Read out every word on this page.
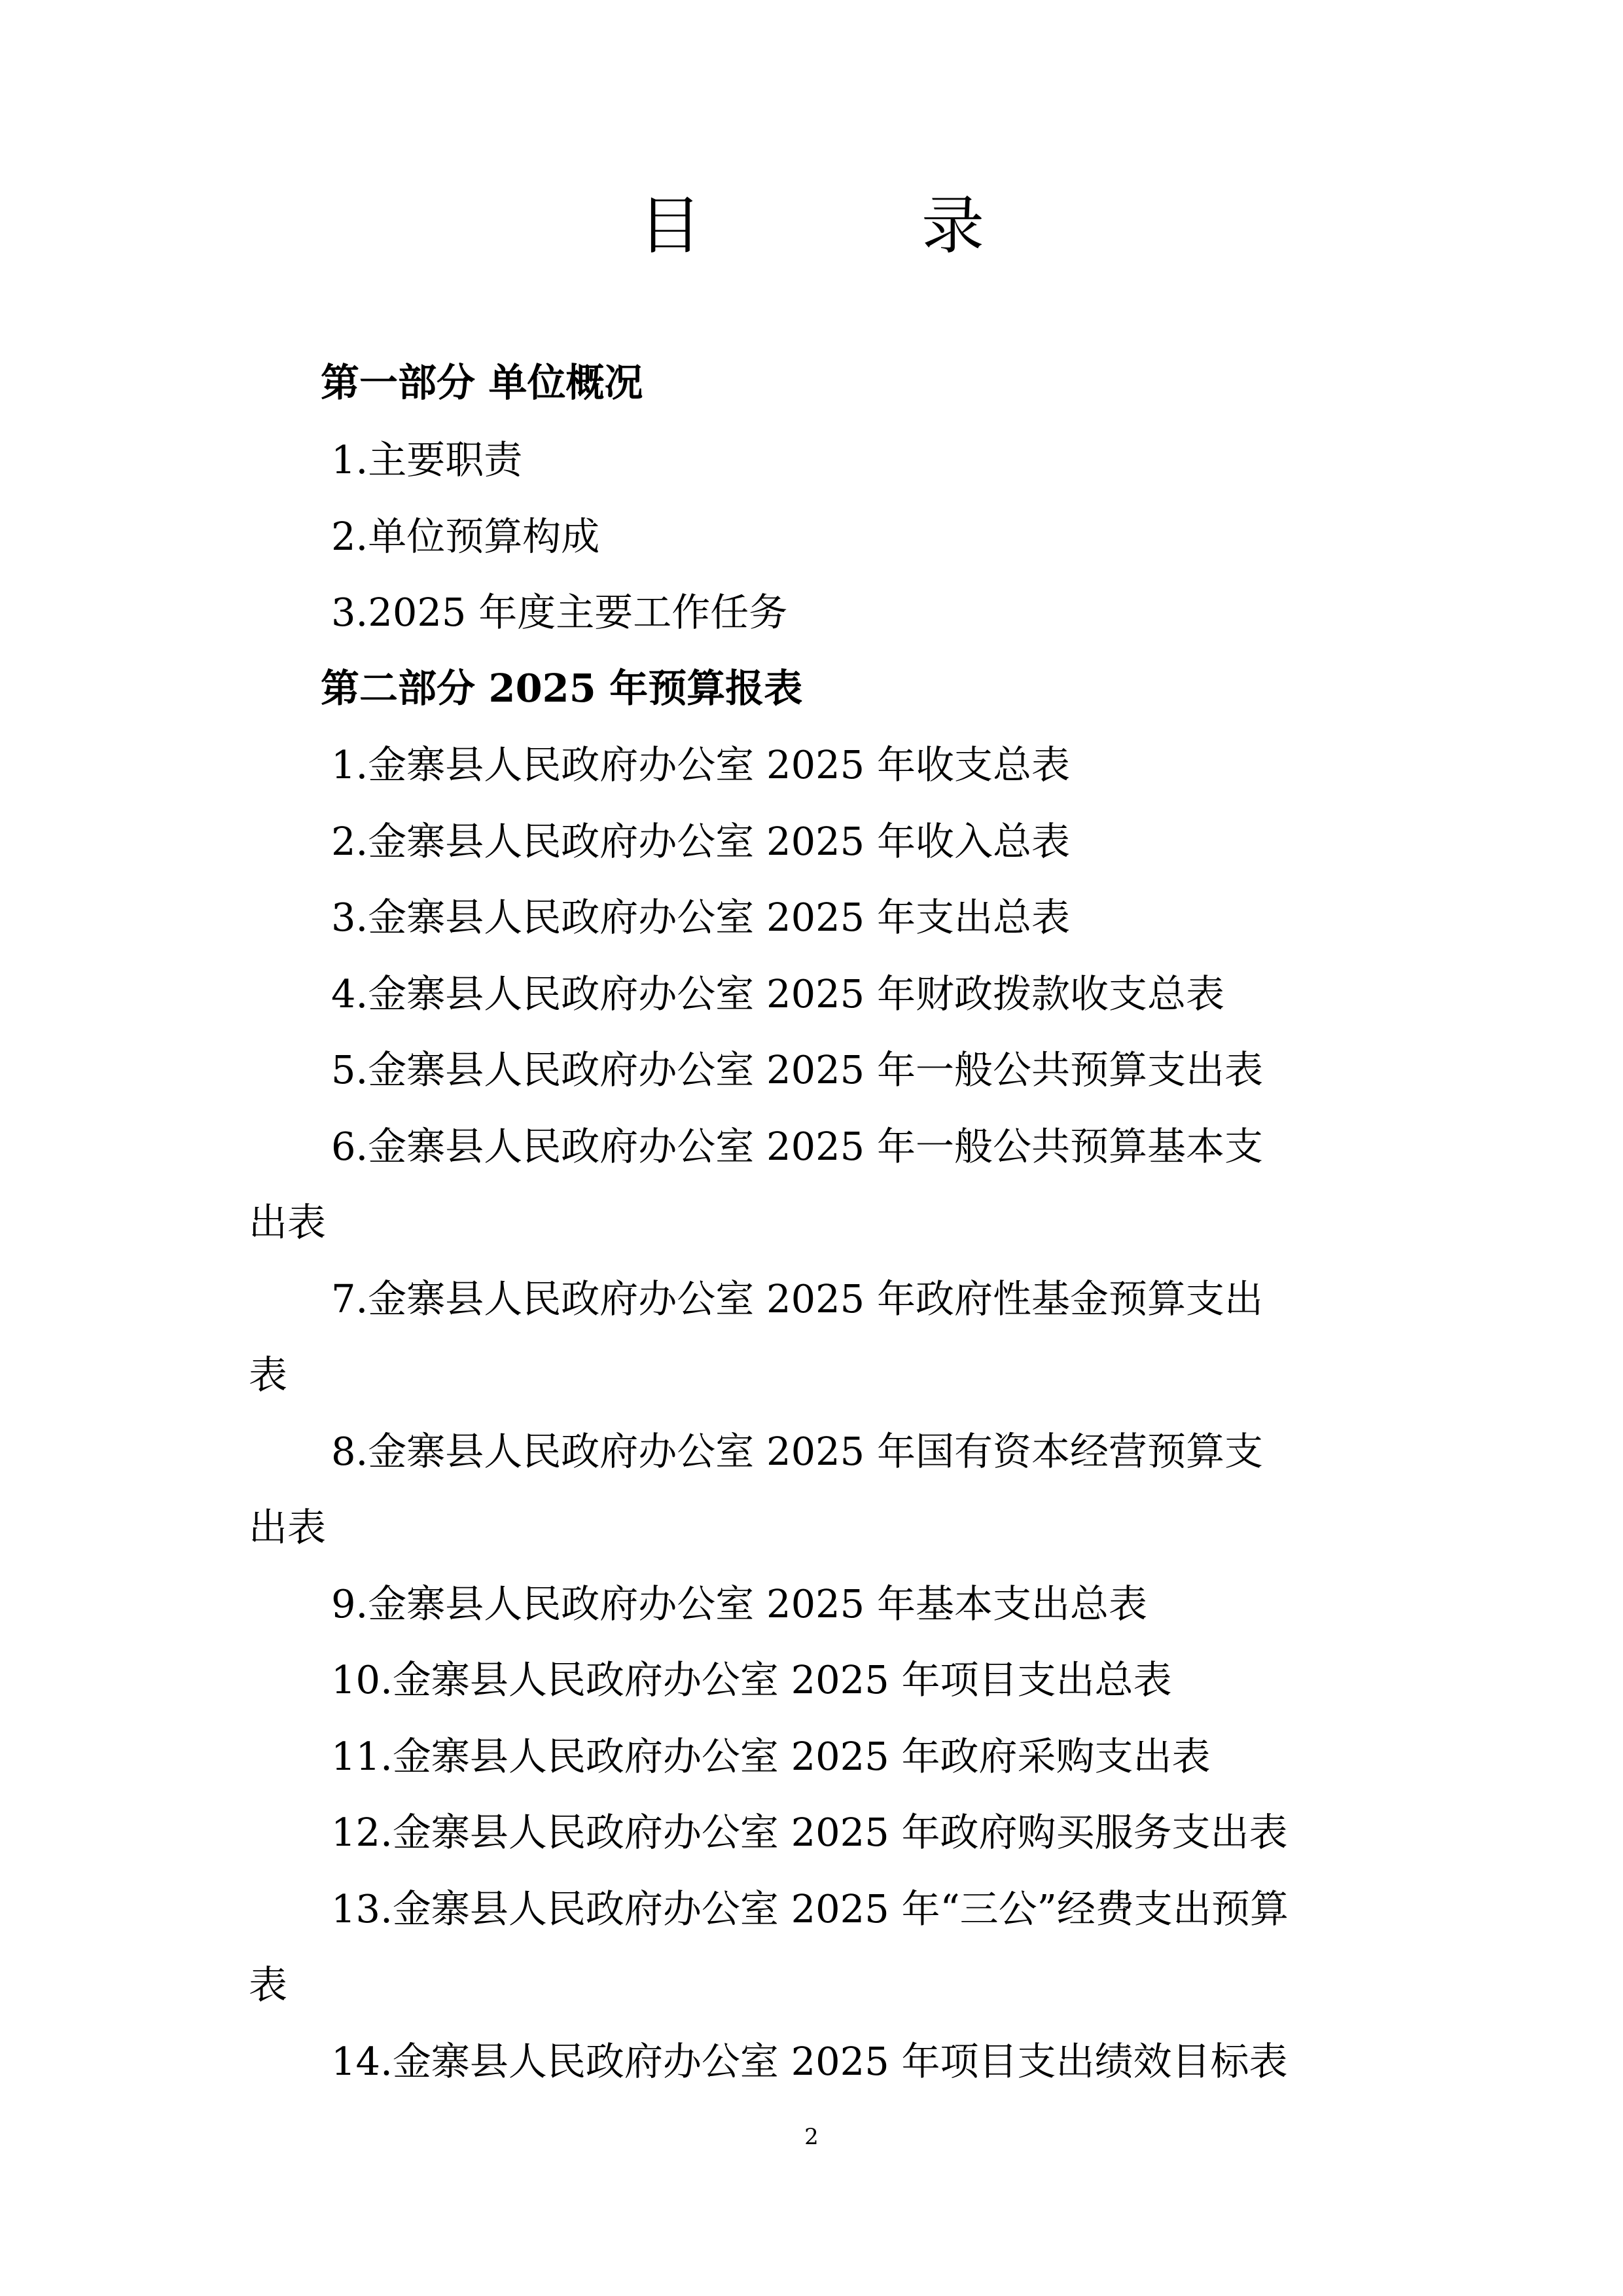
目　录
第一部分 单位概况
1.主要职责
2.单位预算构成
3.2025 年度主要工作任务
第二部分 2025 年预算报表
1.金寨县人民政府办公室 2025 年收支总表
2.金寨县人民政府办公室 2025 年收入总表
3.金寨县人民政府办公室 2025 年支出总表
4.金寨县人民政府办公室 2025 年财政拨款收支总表
5.金寨县人民政府办公室 2025 年一般公共预算支出表
6.金寨县人民政府办公室 2025 年一般公共预算基本支
出表
7.金寨县人民政府办公室 2025 年政府性基金预算支出
表
8.金寨县人民政府办公室 2025 年国有资本经营预算支
出表
9.金寨县人民政府办公室 2025 年基本支出总表
10.金寨县人民政府办公室 2025 年项目支出总表
11.金寨县人民政府办公室 2025 年政府采购支出表
12.金寨县人民政府办公室 2025 年政府购买服务支出表
13.金寨县人民政府办公室 2025 年“三公”经费支出预算
表
14.金寨县人民政府办公室 2025 年项目支出绩效目标表
2
